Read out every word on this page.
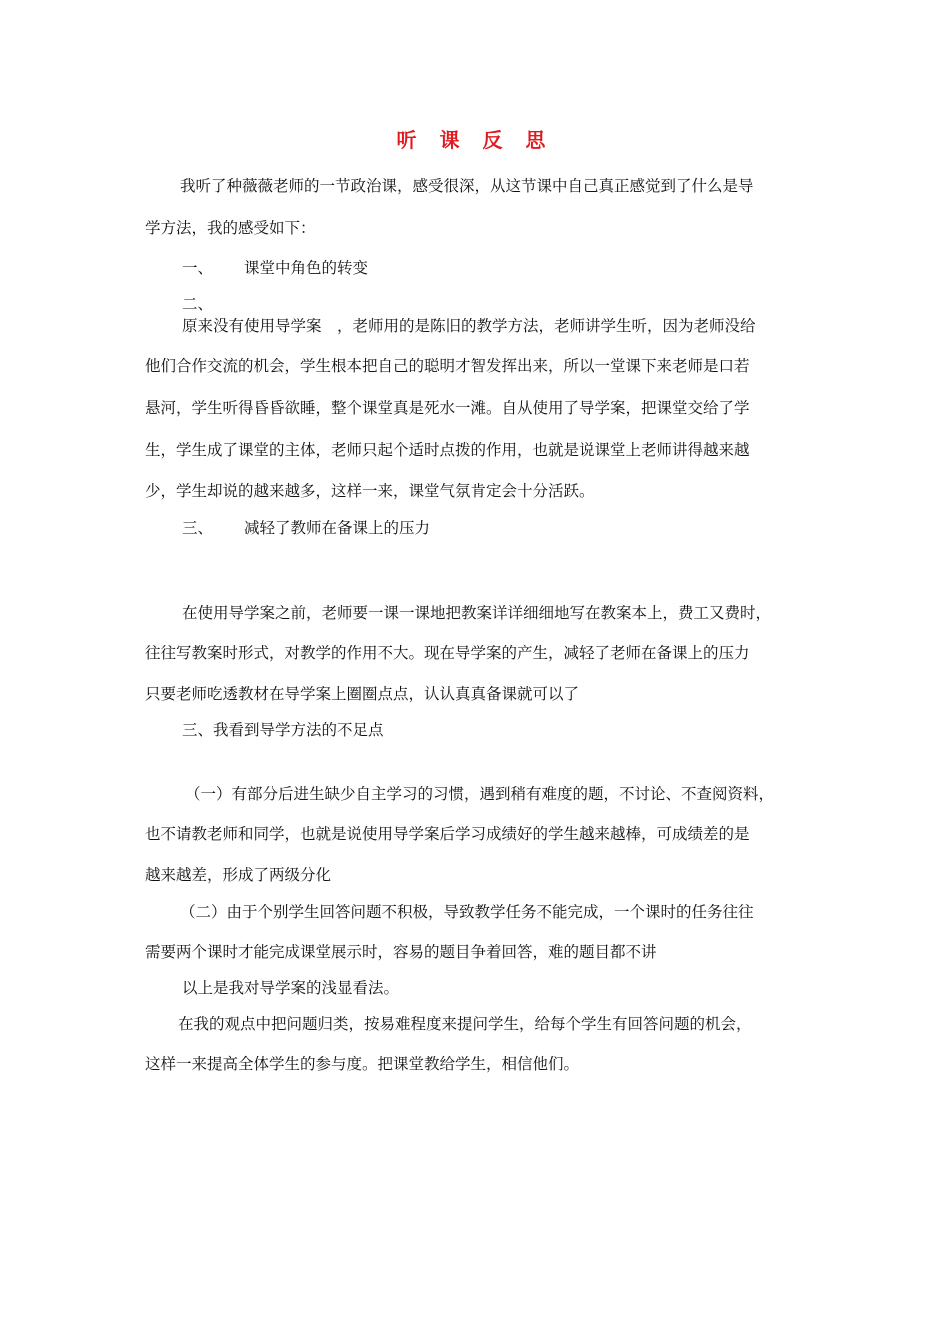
听 课 反 思

我听了种薇薇老师的一节政治课，感受很深，从这节课中自己真正感觉到了什么是导

学方法，我的感受如下：

一、 课堂中角色的转变

二、

原来没有使用导学案　，老师用的是陈旧的教学方法，老师讲学生听，因为老师没给

他们合作交流的机会，学生根本把自己的聪明才智发挥出来，所以一堂课下来老师是口若

悬河，学生听得昏昏欲睡，整个课堂真是死水一滩。自从使用了导学案，把课堂交给了学

生，学生成了课堂的主体，老师只起个适时点拨的作用，也就是说课堂上老师讲得越来越

少，学生却说的越来越多，这样一来，课堂气氛肯定会十分活跃。

三、 减轻了教师在备课上的压力

在使用导学案之前，老师要一课一课地把教案详详细细地写在教案本上，费工又费时，

往往写教案时形式，对教学的作用不大。现在导学案的产生，减轻了老师在备课上的压力

只要老师吃透教材在导学案上圈圈点点，认认真真备课就可以了

三、我看到导学方法的不足点

（一）有部分后进生缺少自主学习的习惯，遇到稍有难度的题，不讨论、不查阅资料，

也不请教老师和同学，也就是说使用导学案后学习成绩好的学生越来越棒，可成绩差的是

越来越差，形成了两级分化

（二）由于个别学生回答问题不积极，导致教学任务不能完成，一个课时的任务往往

需要两个课时才能完成课堂展示时，容易的题目争着回答，难的题目都不讲

以上是我对导学案的浅显看法。

在我的观点中把问题归类，按易难程度来提问学生，给每个学生有回答问题的机会，

这样一来提高全体学生的参与度。把课堂教给学生，相信他们。
